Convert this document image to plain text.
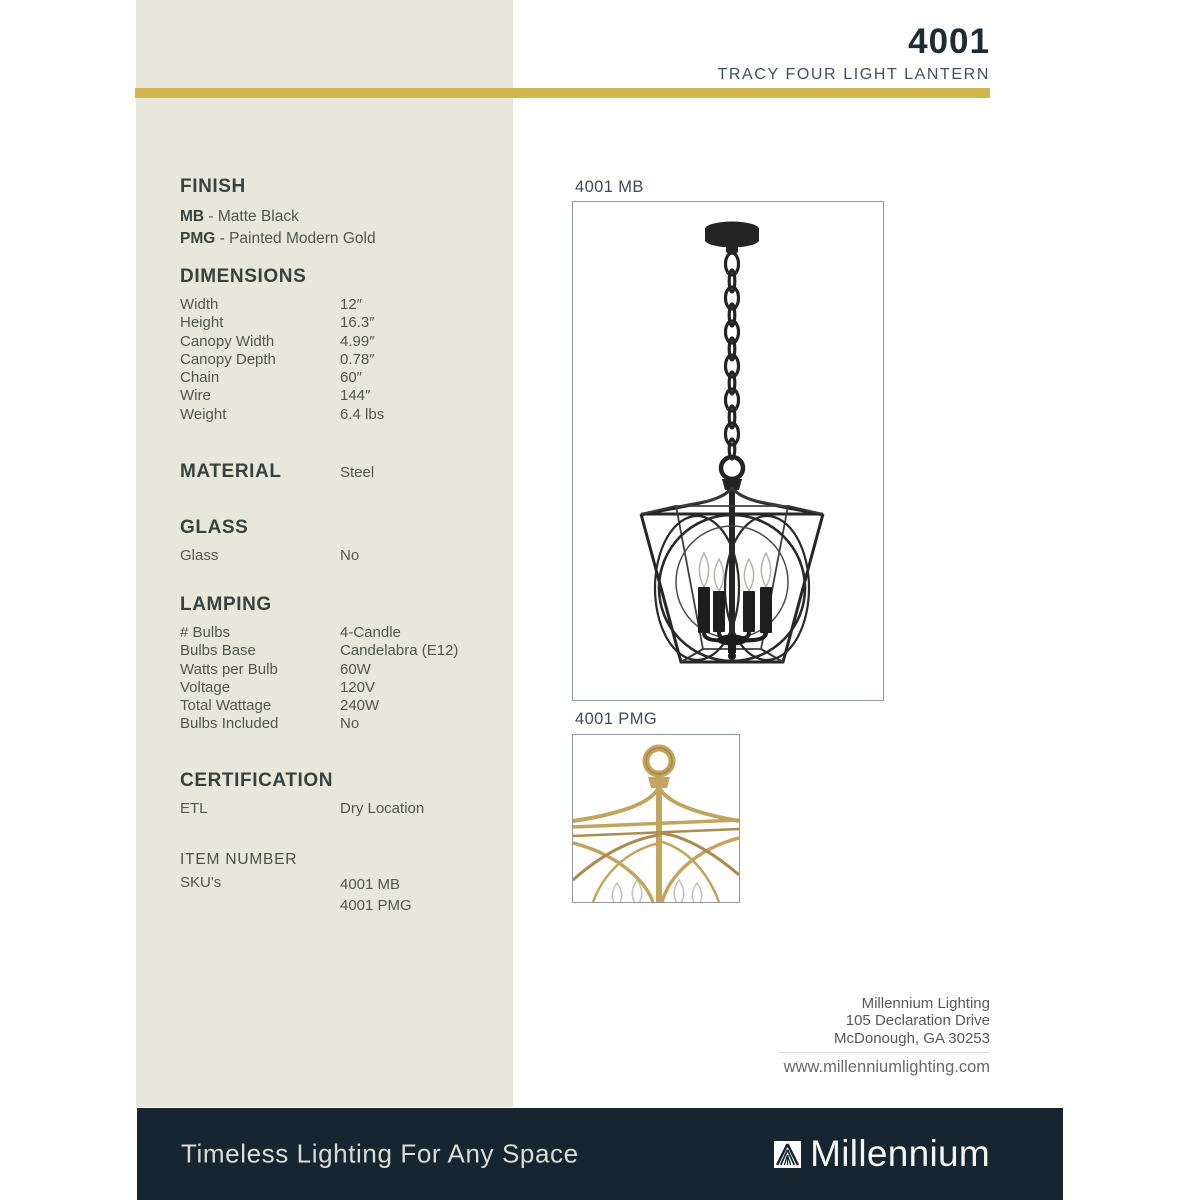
4001
TRACY FOUR LIGHT LANTERN
FINISH
MB - Matte Black
PMG - Painted Modern Gold
DIMENSIONS
Width	12″
Height	16.3″
Canopy Width	4.99″
Canopy Depth	0.78″
Chain	60″
Wire	144″
Weight	6.4 lbs
MATERIAL	Steel
GLASS
Glass	No
LAMPING
# Bulbs	4-Candle
Bulbs Base	Candelabra (E12)
Watts per Bulb	60W
Voltage	120V
Total Wattage	240W
Bulbs Included	No
CERTIFICATION
ETL	Dry Location
ITEM NUMBER
SKU's	4001 MB
4001 PMG
4001 MB
4001 PMG
Millennium Lighting
105 Declaration Drive
McDonough, GA 30253
www.millenniumlighting.com
Timeless Lighting For Any Space	Millennium
